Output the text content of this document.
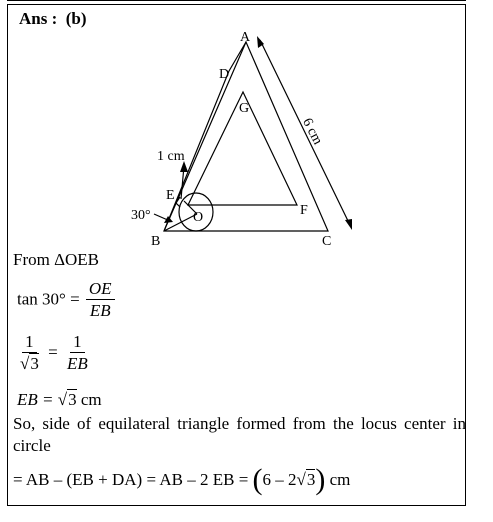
Ans : (b)
A
B	C
D
E
F
G
O
1 cm
30°
6 cm
From ΔOEB
$\tan 30^\circ = \frac{OE}{EB}$
$\frac{1}{√3} = \frac{1}{EB}$
EB = √3 cm
So, side of equilateral triangle formed from the locus center in circle
= AB – (EB + DA) = AB – 2 EB = (6 – 2√3) cm
